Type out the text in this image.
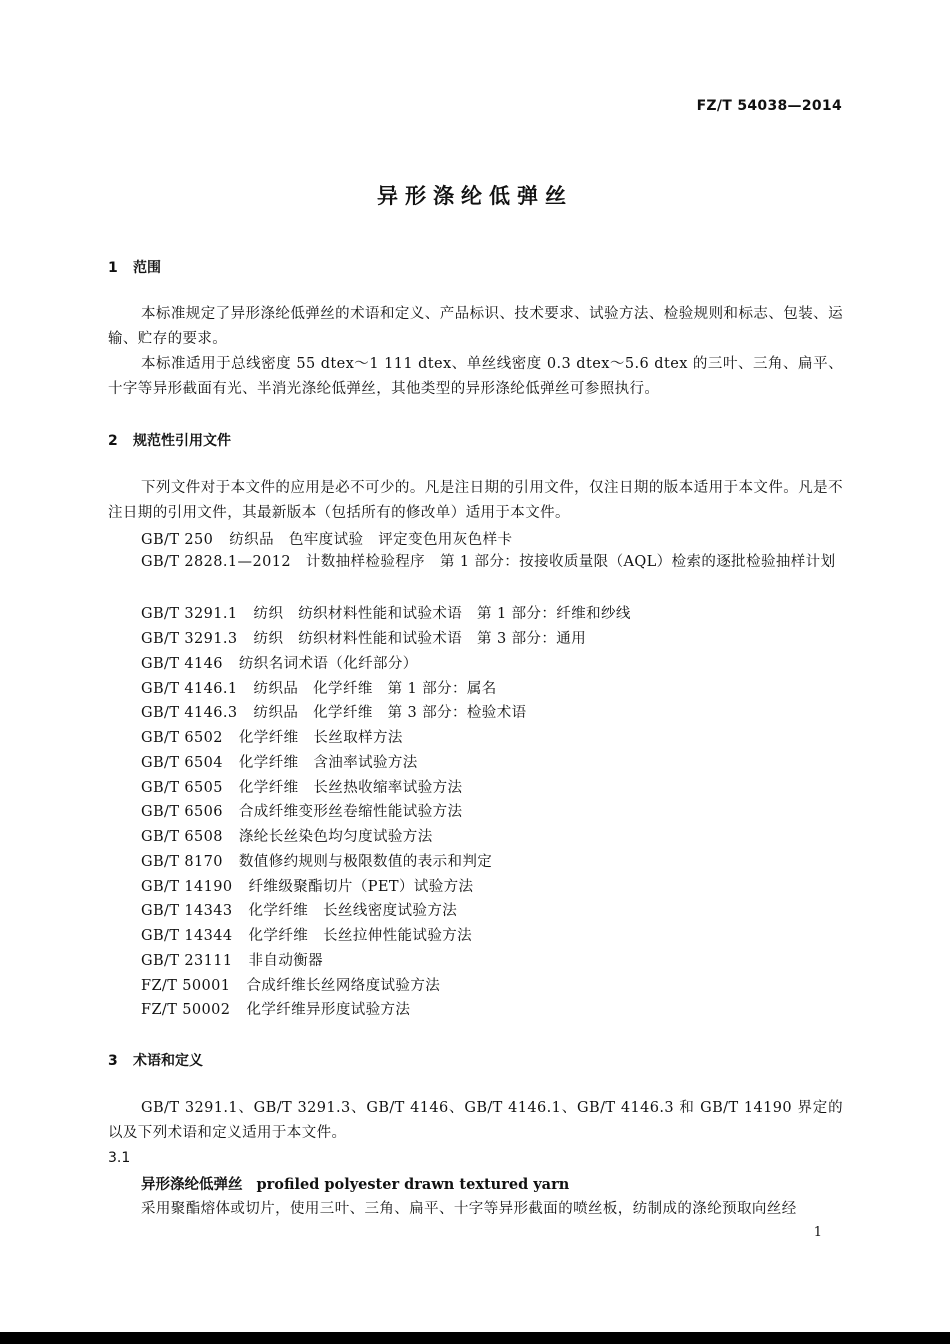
FZ/T 54038—2014
异形涤纶低弹丝
1 范围
本标准规定了异形涤纶低弹丝的术语和定义、产品标识、技术要求、试验方法、检验规则和标志、包装、运输、贮存的要求。
本标准适用于总线密度 55 dtex～1 111 dtex、单丝线密度 0.3 dtex～5.6 dtex 的三叶、三角、扁平、十字等异形截面有光、半消光涤纶低弹丝，其他类型的异形涤纶低弹丝可参照执行。
2 规范性引用文件
下列文件对于本文件的应用是必不可少的。凡是注日期的引用文件，仅注日期的版本适用于本文件。凡是不注日期的引用文件，其最新版本（包括所有的修改单）适用于本文件。
GB/T 250 纺织品　色牢度试验　评定变色用灰色样卡
GB/T 2828.1—2012　计数抽样检验程序　第 1 部分：按接收质量限（AQL）检索的逐批检验抽样计划
GB/T 3291.1 纺织　纺织材料性能和试验术语　第 1 部分：纤维和纱线
GB/T 3291.3 纺织　纺织材料性能和试验术语　第 3 部分：通用
GB/T 4146 纺织名词术语（化纤部分）
GB/T 4146.1 纺织品　化学纤维　第 1 部分：属名
GB/T 4146.3 纺织品　化学纤维　第 3 部分：检验术语
GB/T 6502 化学纤维　长丝取样方法
GB/T 6504 化学纤维　含油率试验方法
GB/T 6505 化学纤维　长丝热收缩率试验方法
GB/T 6506 合成纤维变形丝卷缩性能试验方法
GB/T 6508 涤纶长丝染色均匀度试验方法
GB/T 8170 数值修约规则与极限数值的表示和判定
GB/T 14190 纤维级聚酯切片（PET）试验方法
GB/T 14343 化学纤维　长丝线密度试验方法
GB/T 14344 化学纤维　长丝拉伸性能试验方法
GB/T 23111 非自动衡器
FZ/T 50001 合成纤维长丝网络度试验方法
FZ/T 50002 化学纤维异形度试验方法
3 术语和定义
GB/T 3291.1、GB/T 3291.3、GB/T 4146、GB/T 4146.1、GB/T 4146.3 和 GB/T 14190 界定的以及下列术语和定义适用于本文件。
3.1
异形涤纶低弹丝 profiled polyester drawn textured yarn
采用聚酯熔体或切片，使用三叶、三角、扁平、十字等异形截面的喷丝板，纺制成的涤纶预取向丝经
1
